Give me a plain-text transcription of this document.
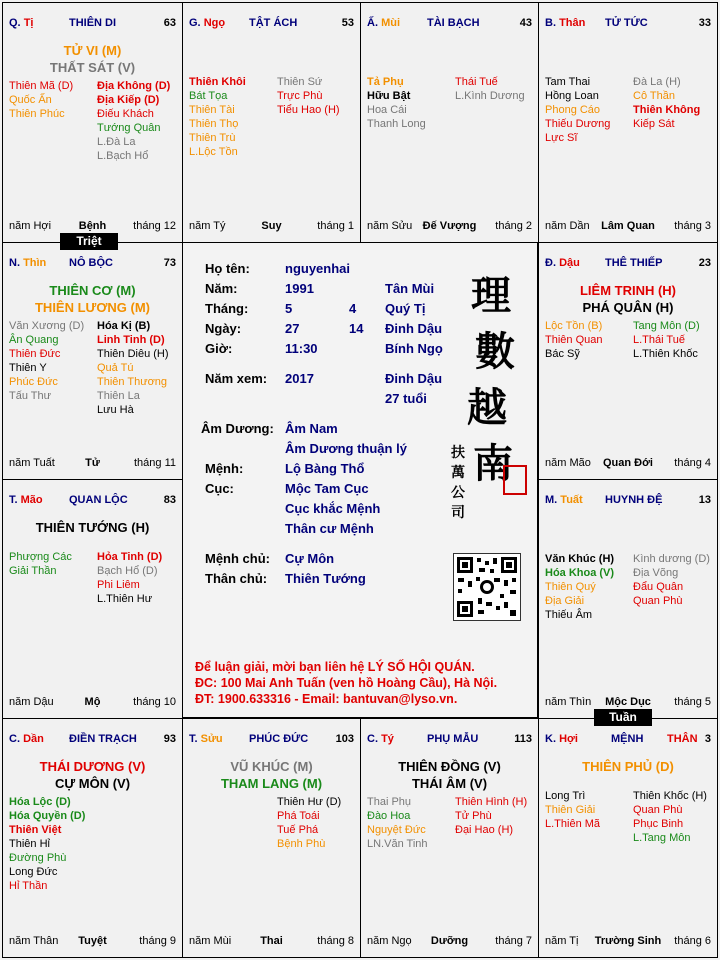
Q. Tị	THIÊN DI	63
TỬ VI (M)
THẤT SÁT (V)
Thiên Mã (D)
Quốc Ấn
Thiên Phúc
Địa Không (D)
Địa Kiếp (D)
Điếu Khách
Tướng Quân
L.Đà La
L.Bạch Hổ
năm Hợi	Bệnh	tháng 12
G. Ngọ TẬT ÁCH	53
Thiên Khôi
Bát Tọa
Thiên Tài
Thiên Thọ
Thiên Trù
L.Lộc Tồn
Thiên Sứ
Trực Phù
Tiểu Hao (H)
năm Tý	Suy	tháng 1
Ấ. Mùi TÀI BẠCH	43
Tả Phụ
Hữu Bật
Hoa Cái
Thanh Long
Thái Tuế
L.Kình Dương
năm Sửu Đế Vượng	tháng 2
B. Thân TỬ TỨC	33
Tam Thai
Hồng Loan
Phong Cáo
Thiếu Dương
Lực Sĩ
Đà La (H)
Cô Thần
Thiên Không
Kiếp Sát
năm Dần	Lâm Quan	tháng 3
N. Thìn NÔ BỘC	73
THIÊN CƠ (M)
THIÊN LƯƠNG (M)
Văn Xương (D)
Ân Quang
Thiên Đức
Thiên Y
Phúc Đức
Tấu Thư
Hóa Kị (B)
Linh Tinh (D)
Thiên Diêu (H)
Quả Tú
Thiên Thương
Thiên La
Lưu Hà
năm Tuất	Tử	tháng 11
Đ. Dậu THÊ THIẾP	23
LIÊM TRINH (H)
PHÁ QUÂN (H)
Lộc Tồn (B)
Thiên Quan
Bác Sỹ
Tang Môn (D)
L.Thái Tuế
L.Thiên Khốc
năm Mão	Quan Đới	tháng 4
T. Mão QUAN LỘC	83
THIÊN TƯỚNG (H)
Phượng Các
Giải Thần
Hỏa Tinh (D)
Bạch Hổ (D)
Phi Liêm
L.Thiên Hư
năm Dậu	Mộ	tháng 10
M. Tuất HUYNH ĐỆ	13
Văn Khúc (H)
Hóa Khoa (V)
Thiên Quý
Địa Giải
Thiếu Âm
Kình dương (D)
Địa Võng
Đẩu Quân
Quan Phù
năm Thìn	Mộc Dục	tháng 5
C. Dần ĐIỀN TRẠCH 93
THÁI DƯƠNG (V)
CỰ MÔN (V)
Hóa Lộc (D)
Hóa Quyền (D)
Thiên Việt
Thiên Hỉ
Đường Phù
Long Đức
Hỉ Thần
năm Thân	Tuyệt	tháng 9
T. Sửu PHÚC ĐỨC 103
VŨ KHÚC (M)
THAM LANG (M)
Thiên Hư (D)
Phá Toái
Tuế Phá
Bệnh Phù
năm Mùi	Thai	tháng 8
C. Tý	PHỤ MẪU	113
THIÊN ĐỒNG (V)
THÁI ÂM (V)
Thai Phụ
Đào Hoa
Nguyệt Đức
LN.Văn Tinh
Thiên Hình (H)
Tử Phù
Đại Hao (H)
năm Ngọ	Dưỡng	tháng 7
K. Hợi	MỆNH THÂN 3
THIÊN PHỦ (D)
Long Trì
Thiên Giải
L.Thiên Mã
Thiên Khốc (H)
Quan Phù
Phục Binh
L.Tang Môn
năm Tị	Trường Sinh	tháng 6
Triệt
Tuần
Họ tên:	nguyenhai
Năm:	1991	Tân Mùi
Tháng:	5	4 Quý Tị
Ngày:	27	14 Đinh Dậu
Giờ:	11:30	Bính Ngọ
Năm xem: 2017	Đinh Dậu
27 tuổi
Âm Dương: Âm Nam
Âm Dương thuận lý
Mệnh:	Lộ Bàng Thổ
Cục:	Mộc Tam Cục
Cục khắc Mệnh
Thân cư Mệnh
Mệnh chủ: Cự Môn
Thân chủ: Thiên Tướng
理
數
越
南
扶
萬
公
司
Để luận giải, mời bạn liên hệ LÝ SỐ HỘI QUÁN.
ĐC: 100 Mai Anh Tuấn (ven hồ Hoàng Cầu), Hà Nội.
ĐT: 1900.633316 - Email: bantuvan@lyso.vn.
